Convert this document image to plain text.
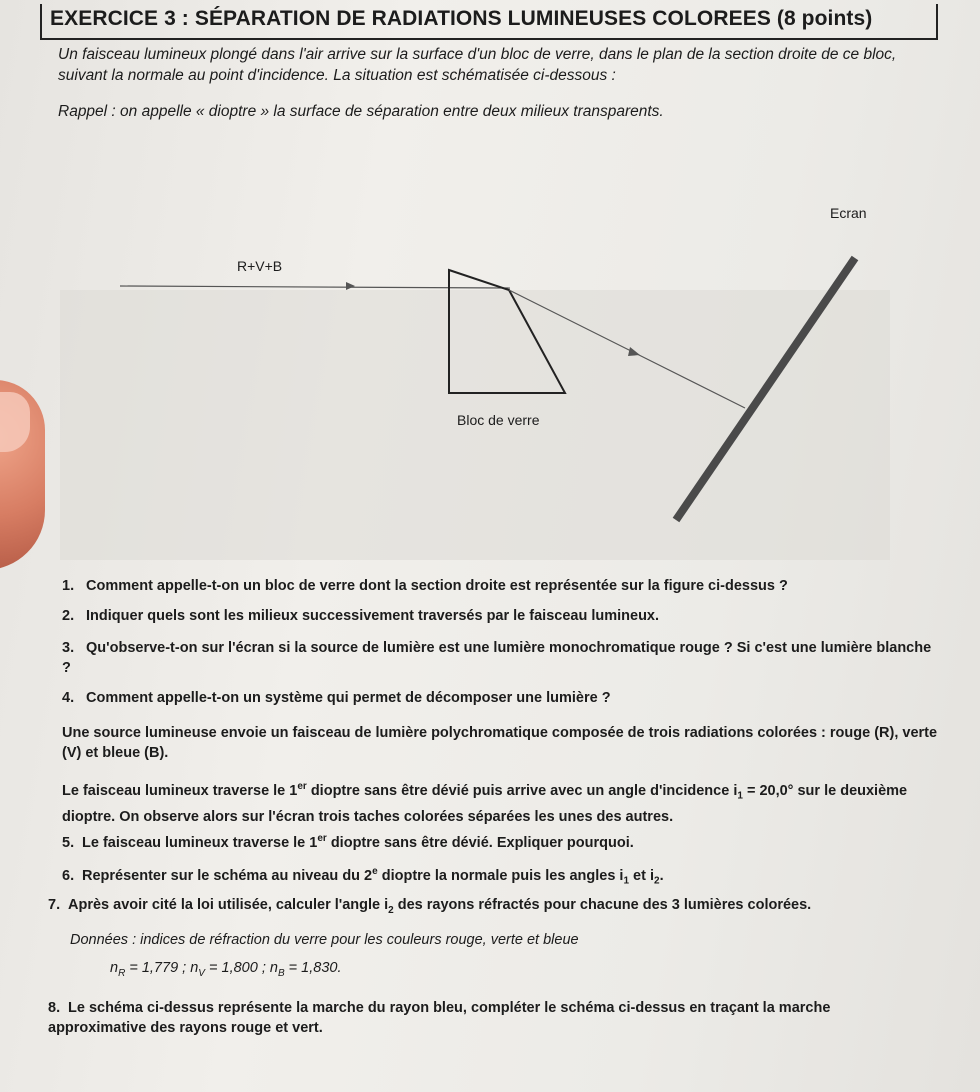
EXERCICE 3 : SÉPARATION DE RADIATIONS LUMINEUSES COLOREES (8 points)
Un faisceau lumineux plongé dans l'air arrive sur la surface d'un bloc de verre, dans le plan de la section droite de ce bloc, suivant la normale au point d'incidence. La situation est schématisée ci-dessous :
Rappel : on appelle « dioptre » la surface de séparation entre deux milieux transparents.
R+V+B
Ecran
Bloc de verre
1. Comment appelle-t-on un bloc de verre dont la section droite est représentée sur la figure ci-dessus ?
2. Indiquer quels sont les milieux successivement traversés par le faisceau lumineux.
3. Qu'observe-t-on sur l'écran si la source de lumière est une lumière monochromatique rouge ? Si c'est une lumière blanche ?
4. Comment appelle-t-on un système qui permet de décomposer une lumière ?
Une source lumineuse envoie un faisceau de lumière polychromatique composée de trois radiations colorées : rouge (R), verte (V) et bleue (B).
Le faisceau lumineux traverse le 1er dioptre sans être dévié puis arrive avec un angle d'incidence $i_1 = 20,0^\circ$ sur le deuxième dioptre. On observe alors sur l'écran trois taches colorées séparées les unes des autres.
5. Le faisceau lumineux traverse le 1er dioptre sans être dévié. Expliquer pourquoi.
6. Représenter sur le schéma au niveau du 2e dioptre la normale puis les angles $i_1$ et $i_2$.
7. Après avoir cité la loi utilisée, calculer l'angle $i_2$ des rayons réfractés pour chacune des 3 lumières colorées.
Données : indices de réfraction du verre pour les couleurs rouge, verte et bleue
$n_R = 1,779$ ; $n_V = 1,800$ ; $n_B = 1,830$.
8. Le schéma ci-dessus représente la marche du rayon bleu, compléter le schéma ci-dessus en traçant la marche approximative des rayons rouge et vert.
